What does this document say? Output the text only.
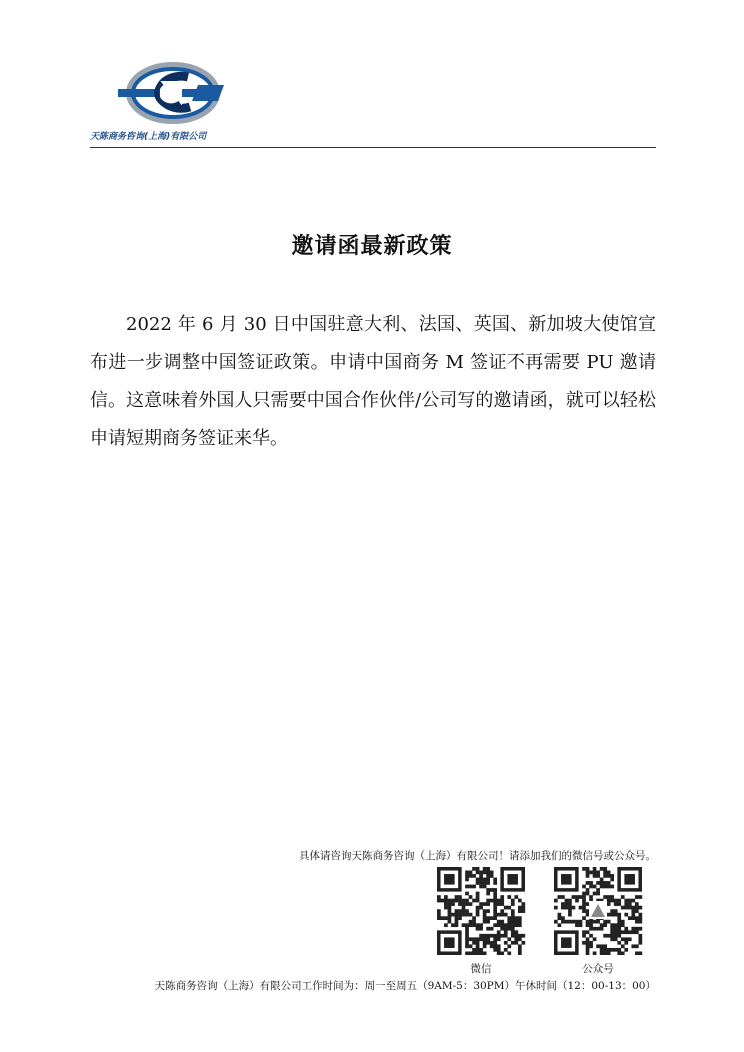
天陈商务咨询(上海)有限公司
邀请函最新政策

2022 年 6 月 30 日中国驻意大利、法国、英国、新加坡大使馆宣布进一步调整中国签证政策。申请中国商务 M 签证不再需要 PU 邀请信。这意味着外国人只需要中国合作伙伴/公司写的邀请函，就可以轻松申请短期商务签证来华。

具体请咨询天陈商务咨询（上海）有限公司！请添加我们的微信号或公众号。
微信	公众号
天陈商务咨询（上海）有限公司工作时间为：周一至周五（9AM-5：30PM）午休时间（12：00-13：00）
